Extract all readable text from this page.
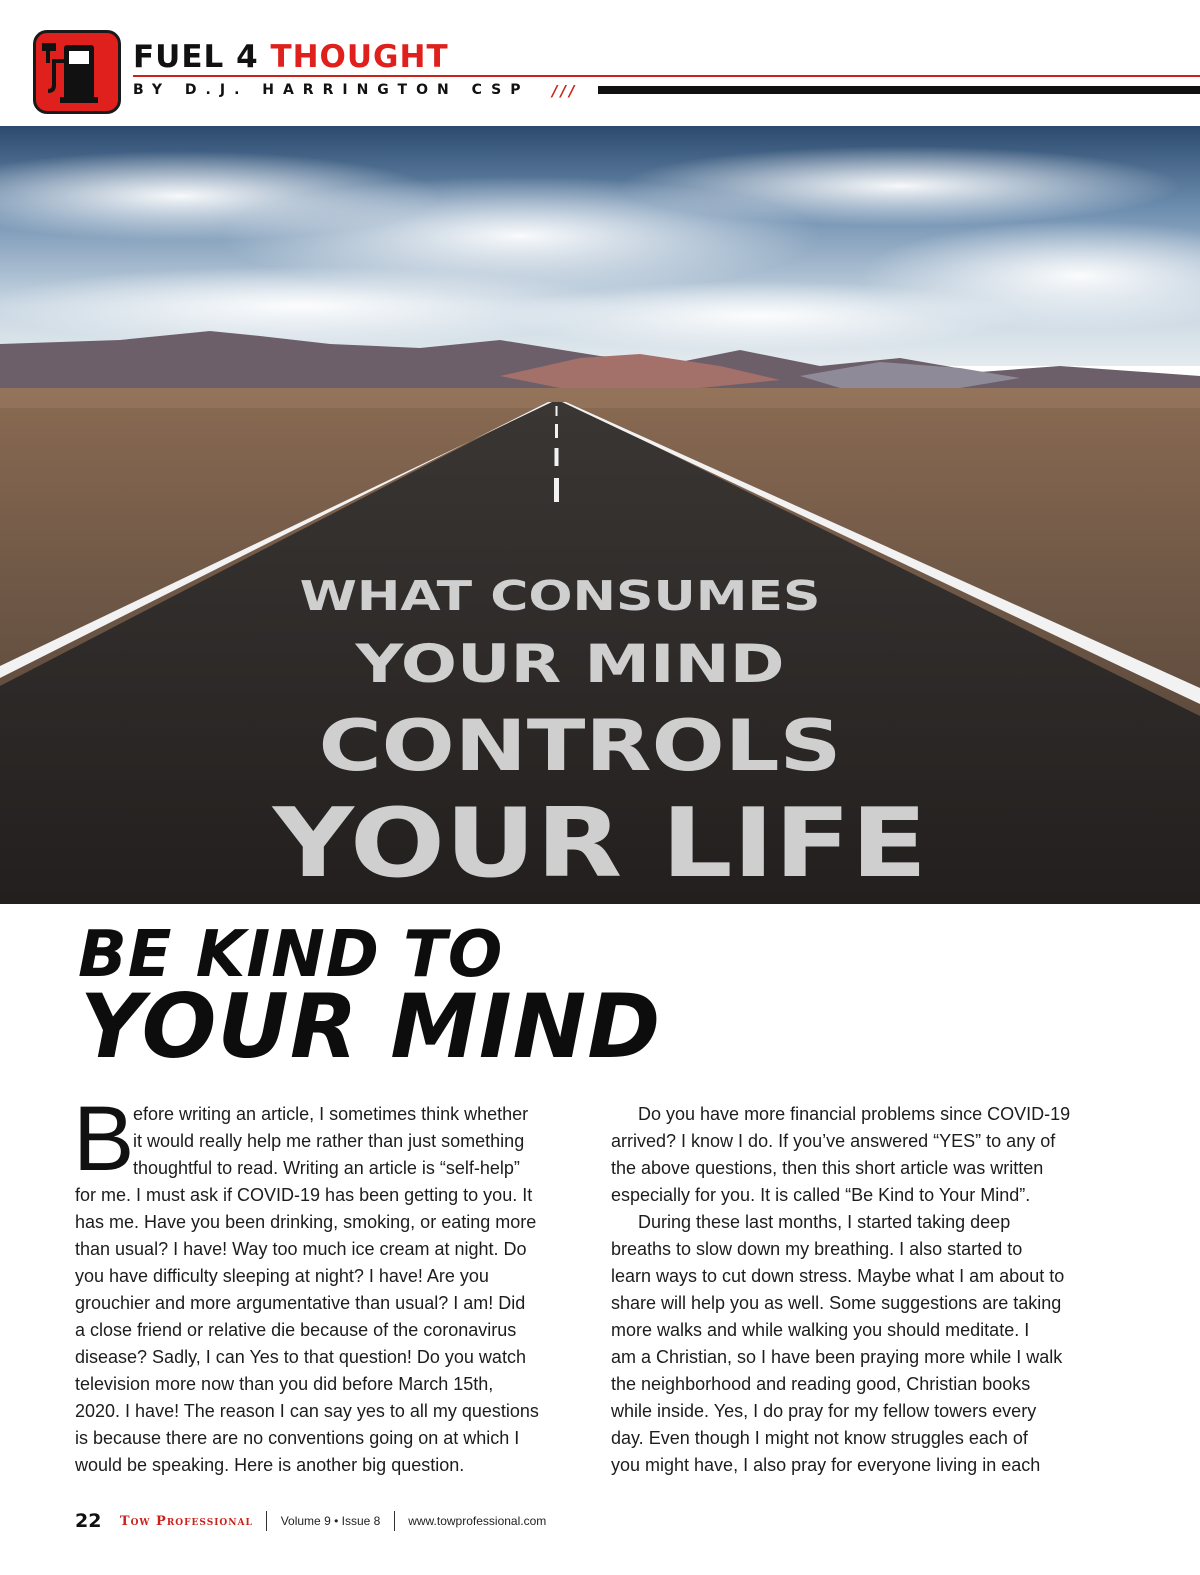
FUEL 4 THOUGHT
BY D.J. HARRINGTON CSP ///
WHAT CONSUMES
YOUR MIND
CONTROLS
YOUR LIFE
BE KIND TO
YOUR MIND
B
efore writing an article, I sometimes think whether
it would really help me rather than just something
thoughtful to read. Writing an article is “self-help”
for me. I must ask if COVID-19 has been getting to you. It
has me. Have you been drinking, smoking, or eating more
than usual? I have! Way too much ice cream at night. Do
you have difficulty sleeping at night? I have! Are you
grouchier and more argumentative than usual? I am! Did
a close friend or relative die because of the coronavirus
disease? Sadly, I can Yes to that question! Do you watch
television more now than you did before March 15th,
2020. I have! The reason I can say yes to all my questions
is because there are no conventions going on at which I
would be speaking. Here is another big question.
Do you have more financial problems since COVID-19
arrived? I know I do. If you’ve answered “YES” to any of
the above questions, then this short article was written
especially for you. It is called “Be Kind to Your Mind”.
During these last months, I started taking deep
breaths to slow down my breathing. I also started to
learn ways to cut down stress. Maybe what I am about to
share will help you as well. Some suggestions are taking
more walks and while walking you should meditate. I
am a Christian, so I have been praying more while I walk
the neighborhood and reading good, Christian books
while inside. Yes, I do pray for my fellow towers every
day. Even though I might not know struggles each of
you might have, I also pray for everyone living in each
22 Tow Professional Volume 9 • Issue 8 www.towprofessional.com
